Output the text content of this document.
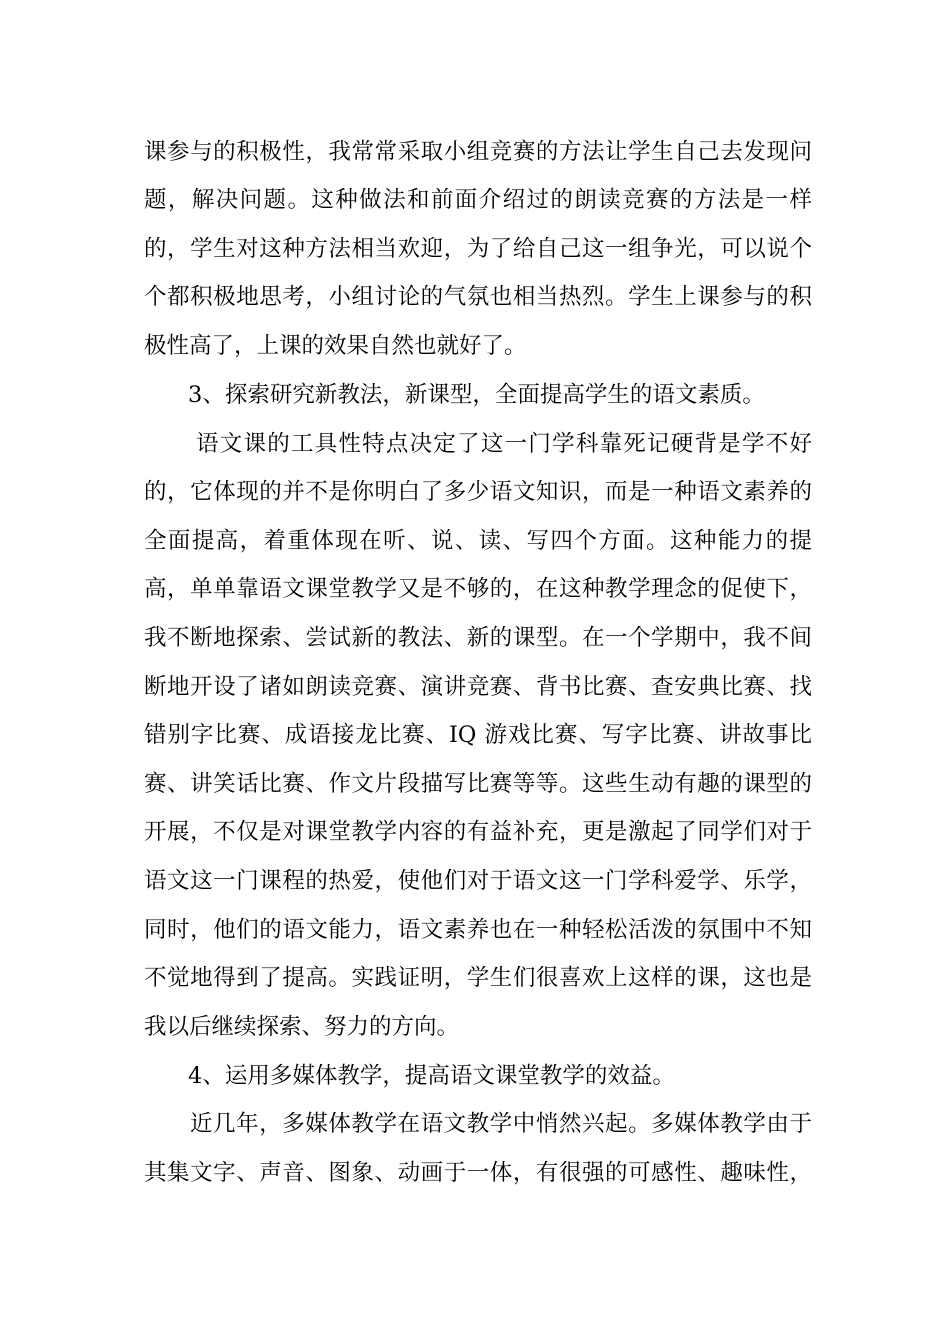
课参与的积极性，我常常采取小组竞赛的方法让学生自己去发现问
题，解决问题。这种做法和前面介绍过的朗读竞赛的方法是一样
的，学生对这种方法相当欢迎，为了给自己这一组争光，可以说个
个都积极地思考，小组讨论的气氛也相当热烈。学生上课参与的积
极性高了，上课的效果自然也就好了。
3、探索研究新教法，新课型，全面提高学生的语文素质。
语文课的工具性特点决定了这一门学科靠死记硬背是学不好
的，它体现的并不是你明白了多少语文知识，而是一种语文素养的
全面提高，着重体现在听、说、读、写四个方面。这种能力的提
高，单单靠语文课堂教学又是不够的，在这种教学理念的促使下，
我不断地探索、尝试新的教法、新的课型。在一个学期中，我不间
断地开设了诸如朗读竞赛、演讲竞赛、背书比赛、查安典比赛、找
错别字比赛、成语接龙比赛、IQ 游戏比赛、写字比赛、讲故事比
赛、讲笑话比赛、作文片段描写比赛等等。这些生动有趣的课型的
开展，不仅是对课堂教学内容的有益补充，更是激起了同学们对于
语文这一门课程的热爱，使他们对于语文这一门学科爱学、乐学，
同时，他们的语文能力，语文素养也在一种轻松活泼的氛围中不知
不觉地得到了提高。实践证明，学生们很喜欢上这样的课，这也是
我以后继续探索、努力的方向。
4、运用多媒体教学，提高语文课堂教学的效益。
近几年，多媒体教学在语文教学中悄然兴起。多媒体教学由于
其集文字、声音、图象、动画于一体，有很强的可感性、趣味性，
